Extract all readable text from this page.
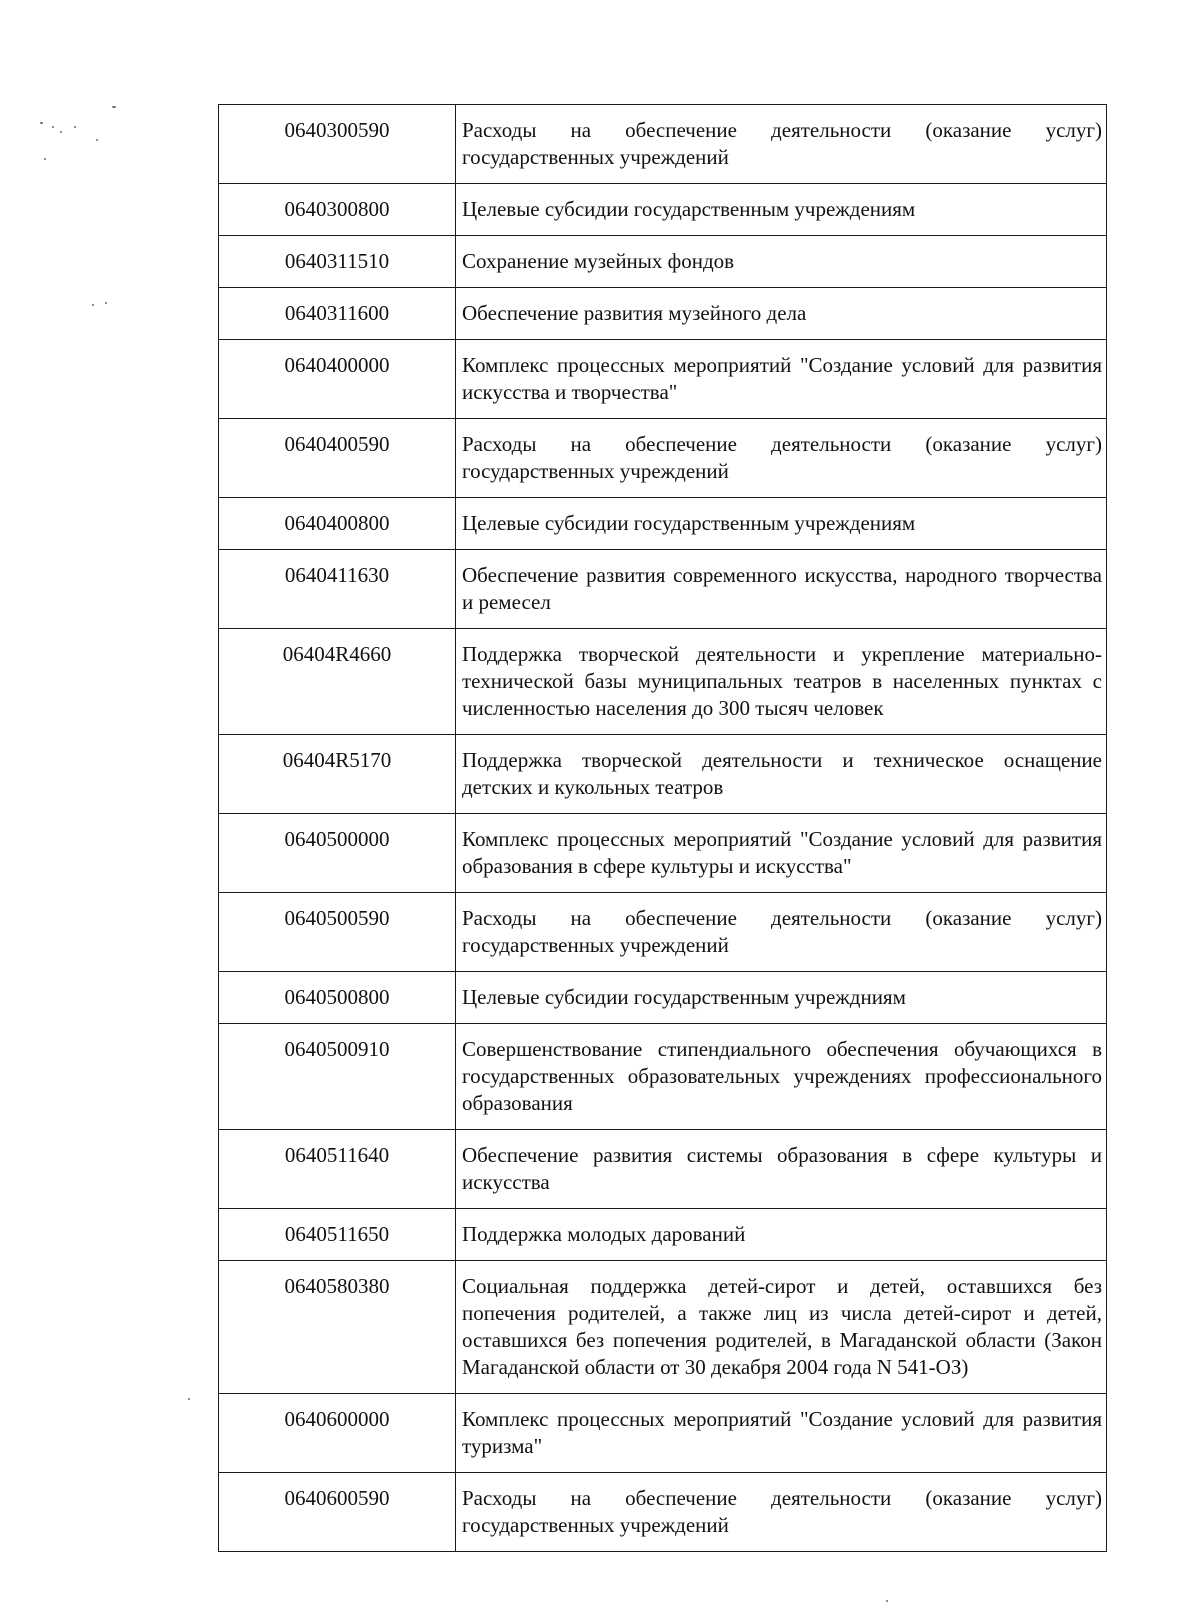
0640300590	Расходы на обеспечение деятельности (оказание услуг) государственных учреждений
0640300800	Целевые субсидии государственным учреждениям
0640311510	Сохранение музейных фондов
0640311600	Обеспечение развития музейного дела
0640400000	Комплекс процессных мероприятий "Создание условий для развития искусства и творчества"
0640400590	Расходы на обеспечение деятельности (оказание услуг) государственных учреждений
0640400800	Целевые субсидии государственным учреждениям
0640411630	Обеспечение развития современного искусства, народного творчества и ремесел
06404R4660	Поддержка творческой деятельности и укрепление материально-технической базы муниципальных театров в населенных пунктах с численностью населения до 300 тысяч человек
06404R5170	Поддержка творческой деятельности и техническое оснащение детских и кукольных театров
0640500000	Комплекс процессных мероприятий "Создание условий для развития образования в сфере культуры и искусства"
0640500590	Расходы на обеспечение деятельности (оказание услуг) государственных учреждений
0640500800	Целевые субсидии государственным учреждниям
0640500910	Совершенствование стипендиального обеспечения обучающихся в государственных образовательных учреждениях профессионального образования
0640511640	Обеспечение развития системы образования в сфере культуры и искусства
0640511650	Поддержка молодых дарований
0640580380	Социальная поддержка детей-сирот и детей, оставшихся без попечения родителей, а также лиц из числа детей-сирот и детей, оставшихся без попечения родителей, в Магаданской области (Закон Магаданской области от 30 декабря 2004 года N 541-ОЗ)
0640600000	Комплекс процессных мероприятий "Создание условий для развития туризма"
0640600590	Расходы на обеспечение деятельности (оказание услуг) государственных учреждений
